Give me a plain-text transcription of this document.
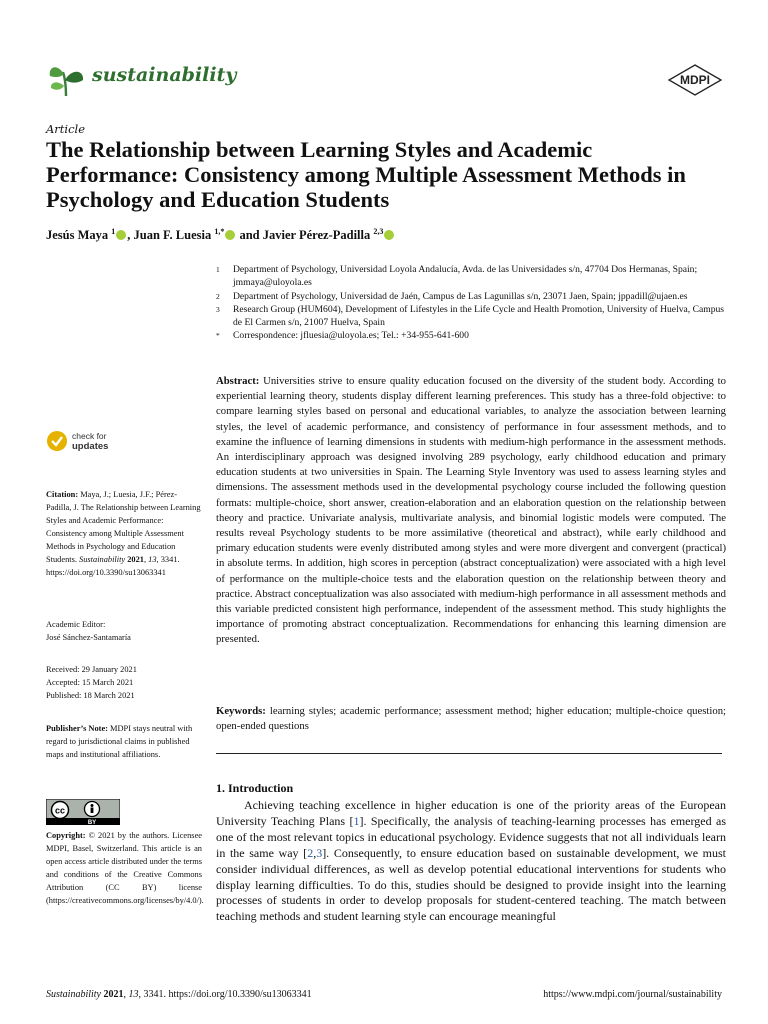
sustainability	MDPI
Article
The Relationship between Learning Styles and Academic Performance: Consistency among Multiple Assessment Methods in Psychology and Education Students
Jesús Maya $^1$ , Juan F. Luesia $^{1,*}$ and Javier Pérez-Padilla $^{2,3}$
1	Department of Psychology, Universidad Loyola Andalucía, Avda. de las Universidades s/n, 47704 Dos Hermanas, Spain; jmmaya@uloyola.es
2	Department of Psychology, Universidad de Jaén, Campus de Las Lagunillas s/n, 23071 Jaen, Spain; jppadill@ujaen.es
3	Research Group (HUM604), Development of Lifestyles in the Life Cycle and Health Promotion, University of Huelva, Campus de El Carmen s/n, 21007 Huelva, Spain
*	Correspondence: jfluesia@uloyola.es; Tel.: +34-955-641-600
Abstract: Universities strive to ensure quality education focused on the diversity of the student body. According to experiential learning theory, students display different learning preferences. This study has a three-fold objective: to compare learning styles based on personal and educational variables, to analyze the association between learning styles, the level of academic performance, and consistency of performance in four assessment methods, and to examine the influence of learning dimensions in students with medium-high performance in the assessment methods. An interdisciplinary approach was designed involving 289 psychology, early childhood education and primary education students at two universities in Spain. The Learning Style Inventory was used to assess learning styles and dimensions. The assessment methods used in the developmental psychology course included the following question formats: multiple-choice, short answer, creation-elaboration and an elaboration question on the relationship between theory and practice. Univariate analysis, multivariate analysis, and binomial logistic models were computed. The results reveal Psychology students to be more assimilative (theoretical and abstract), while early childhood and primary education students were evenly distributed among styles and were more divergent and convergent (practical) in absolute terms. In addition, high scores in perception (abstract conceptualization) were associated with a high level of performance on the multiple-choice tests and the elaboration question on the relationship between theory and practice. Abstract conceptualization was also associated with medium-high performance in all assessment methods and this variable predicted consistent high performance, independent of the assessment method. This study highlights the importance of promoting abstract conceptualization. Recommendations for enhancing this learning dimension are presented.
Keywords: learning styles; academic performance; assessment method; higher education; multiple-choice question; open-ended questions
1. Introduction
Achieving teaching excellence in higher education is one of the priority areas of the European University Teaching Plans [1]. Specifically, the analysis of teaching-learning processes has emerged as one of the most relevant topics in educational psychology. Evidence suggests that not all individuals learn in the same way [2,3]. Consequently, to ensure education based on sustainable development, we must consider individual differences, as well as develop potential educational interventions for students who display learning difficulties. To do this, studies should be designed to provide insight into the learning processes of students in order to develop proposals for student-centered teaching. The match between teaching methods and student learning style can encourage meaningful
check for
updates
Citation: Maya, J.; Luesia, J.F.; Pérez-Padilla, J. The Relationship between Learning Styles and Academic Performance: Consistency among Multiple Assessment Methods in Psychology and Education Students. Sustainability 2021, 13, 3341. https://doi.org/10.3390/su13063341
Academic Editor:
José Sánchez-Santamaría
Received: 29 January 2021
Accepted: 15 March 2021
Published: 18 March 2021
Publisher’s Note: MDPI stays neutral with regard to jurisdictional claims in published maps and institutional affiliations.
cc
BY
Copyright: © 2021 by the authors. Licensee MDPI, Basel, Switzerland. This article is an open access article distributed under the terms and conditions of the Creative Commons Attribution (CC BY) license (https://creativecommons.org/licenses/by/4.0/).
Sustainability 2021, 13, 3341. https://doi.org/10.3390/su13063341	https://www.mdpi.com/journal/sustainability
